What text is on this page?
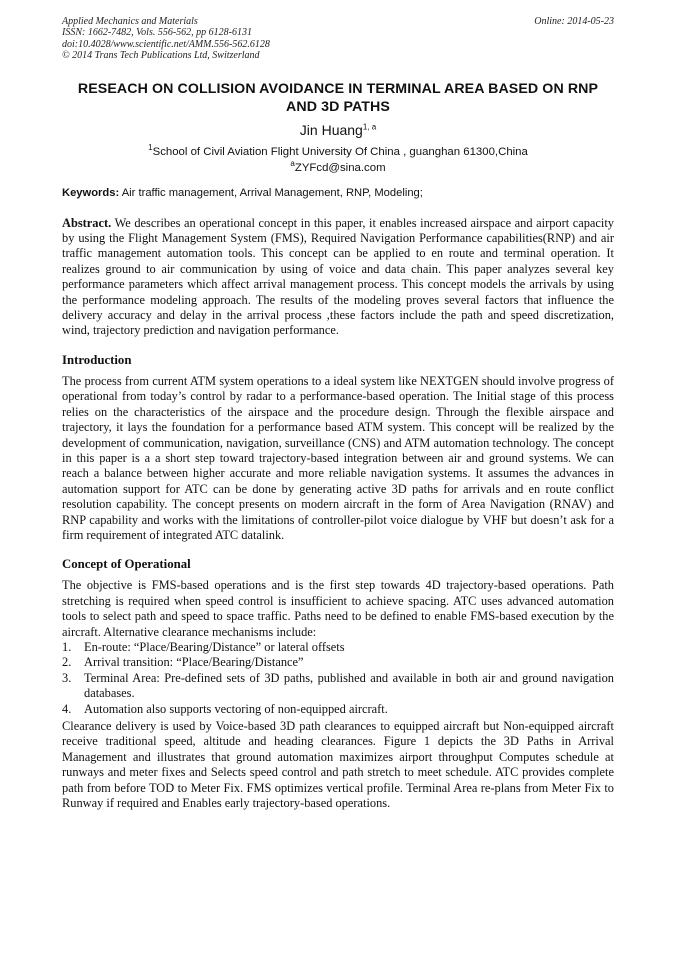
Applied Mechanics and Materials
ISSN: 1662-7482, Vols. 556-562, pp 6128-6131
doi:10.4028/www.scientific.net/AMM.556-562.6128
© 2014 Trans Tech Publications Ltd, Switzerland
Online: 2014-05-23
RESEACH ON COLLISION AVOIDANCE IN TERMINAL AREA BASED ON RNP AND 3D PATHS
Jin Huang$^{1, a}$
$^1$School of Civil Aviation Flight University Of China , guanghan 61300,China
$^a$ZYFcd@sina.com
Keywords: Air traffic management, Arrival Management, RNP, Modeling;
Abstract. We describes an operational concept in this paper, it enables increased airspace and airport capacity by using the Flight Management System (FMS), Required Navigation Performance capabilities(RNP) and air traffic management automation tools. This concept can be applied to en route and terminal operation. It realizes ground to air communication by using of voice and data chain. This paper analyzes several key performance parameters which affect arrival management process. This concept models the arrivals by using the performance modeling approach. The results of the modeling proves several factors that influence the delivery accuracy and delay in the arrival process ,these factors include the path and speed discretization, wind, trajectory prediction and navigation performance.
Introduction
The process from current ATM system operations to a ideal system like NEXTGEN should involve progress of operational from today’s control by radar to a performance-based operation. The Initial stage of this process relies on the characteristics of the airspace and the procedure design. Through the flexible airspace and trajectory, it lays the foundation for a performance based ATM system. This concept will be realized by the development of communication, navigation, surveillance (CNS) and ATM automation technology. The concept in this paper is a a short step toward trajectory-based integration between air and ground systems. We can reach a balance between higher accurate and more reliable navigation systems. It assumes the advances in automation support for ATC can be done by generating active 3D paths for arrivals and en route conflict resolution capability. The concept presents on modern aircraft in the form of Area Navigation (RNAV) and RNP capability and works with the limitations of controller-pilot voice dialogue by VHF but doesn’t ask for a firm requirement of integrated ATC datalink.
Concept of Operational
The objective is FMS-based operations and is the first step towards 4D trajectory-based operations. Path stretching is required when speed control is insufficient to achieve spacing. ATC uses advanced automation tools to select path and speed to space traffic. Paths need to be defined to enable FMS-based execution by the aircraft. Alternative clearance mechanisms include:
1. En-route: “Place/Bearing/Distance” or lateral offsets
2. Arrival transition: “Place/Bearing/Distance”
3. Terminal Area: Pre-defined sets of 3D paths, published and available in both air and ground navigation databases.
4. Automation also supports vectoring of non-equipped aircraft.
Clearance delivery is used by Voice-based 3D path clearances to equipped aircraft but Non-equipped aircraft receive traditional speed, altitude and heading clearances. Figure 1 depicts the 3D Paths in Arrival Management and illustrates that ground automation maximizes airport throughput Computes schedule at runways and meter fixes and Selects speed control and path stretch to meet schedule. ATC provides complete path from before TOD to Meter Fix. FMS optimizes vertical profile. Terminal Area re-plans from Meter Fix to Runway if required and Enables early trajectory-based operations.
